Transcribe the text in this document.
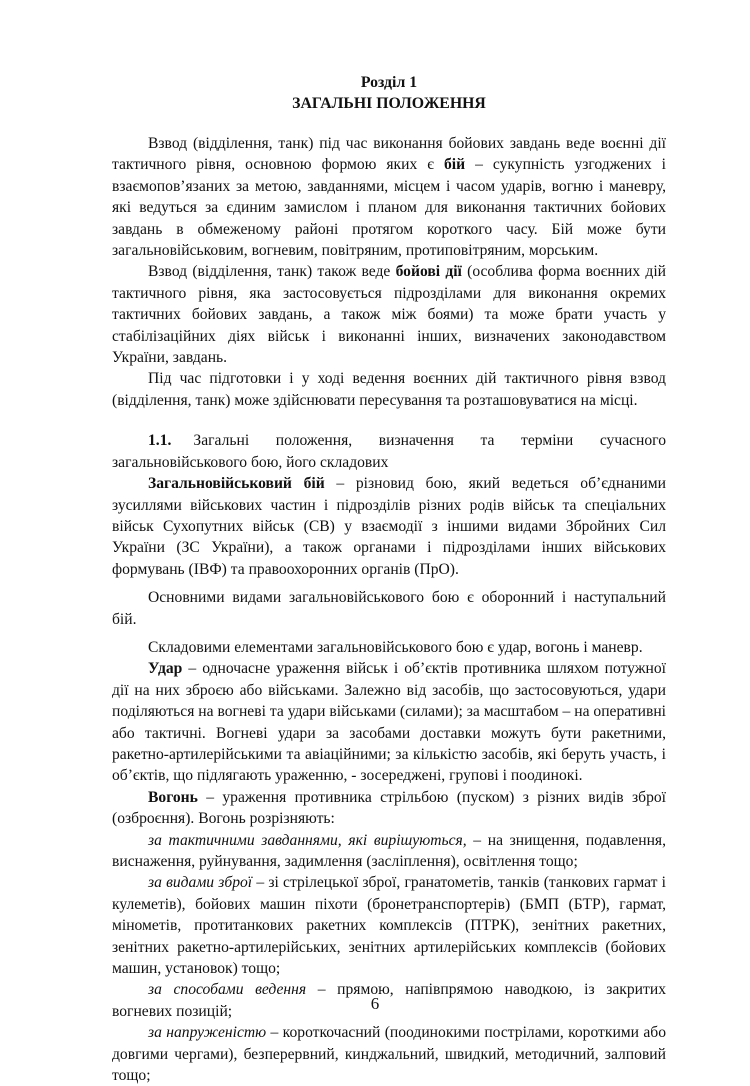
Розділ 1
ЗАГАЛЬНІ ПОЛОЖЕННЯ

Взвод (відділення, танк) під час виконання бойових завдань веде воєнні дії тактичного рівня, основною формою яких є бій – сукупність узгоджених і взаємопов’язаних за метою, завданнями, місцем і часом ударів, вогню і маневру, які ведуться за єдиним замислом і планом для виконання тактичних бойових завдань в обмеженому районі протягом короткого часу. Бій може бути загальновійськовим, вогневим, повітряним, протиповітряним, морським.

Взвод (відділення, танк) також веде бойові дії (особлива форма воєнних дій тактичного рівня, яка застосовується підрозділами для виконання окремих тактичних бойових завдань, а також між боями) та може брати участь у стабілізаційних діях військ і виконанні інших, визначених законодавством України, завдань.

Під час підготовки і у ході ведення воєнних дій тактичного рівня взвод (відділення, танк) може здійснювати пересування та розташовуватися на місці.

1.1. Загальні положення, визначення та терміни сучасного загальновійськового бою, його складових

Загальновійськовий бій – різновид бою, який ведеться об’єднаними зусиллями військових частин і підрозділів різних родів військ та спеціальних військ Сухопутних військ (СВ) у взаємодії з іншими видами Збройних Сил України (ЗС України), а також органами і підрозділами інших військових формувань (ІВФ) та правоохоронних органів (ПрО).

Основними видами загальновійськового бою є оборонний і наступальний бій.

Складовими елементами загальновійськового бою є удар, вогонь і маневр.

Удар – одночасне ураження військ і об’єктів противника шляхом потужної дії на них зброєю або військами. Залежно від засобів, що застосовуються, удари поділяються на вогневі та удари військами (силами); за масштабом – на оперативні або тактичні. Вогневі удари за засобами доставки можуть бути ракетними, ракетно-артилерійськими та авіаційними; за кількістю засобів, які беруть участь, і об’єктів, що підлягають ураженню, - зосереджені, групові і поодинокі.

Вогонь – ураження противника стрільбою (пуском) з різних видів зброї (озброєння). Вогонь розрізняють:

за тактичними завданнями, які вирішуються, – на знищення, подавлення, виснаження, руйнування, задимлення (засліплення), освітлення тощо;

за видами зброї – зі стрілецької зброї, гранатометів, танків (танкових гармат і кулеметів), бойових машин піхоти (бронетранспортерів) (БМП (БТР), гармат, мінометів, протитанкових ракетних комплексів (ПТРК), зенітних ракетних, зенітних ракетно-артилерійських, зенітних артилерійських комплексів (бойових машин, установок) тощо;

за способами ведення – прямою, напівпрямою наводкою, із закритих вогневих позицій;

за напруженістю – короткочасний (поодинокими пострілами, короткими або довгими чергами), безперервний, кинджальний, швидкий, методичний, залповий тощо;

6
